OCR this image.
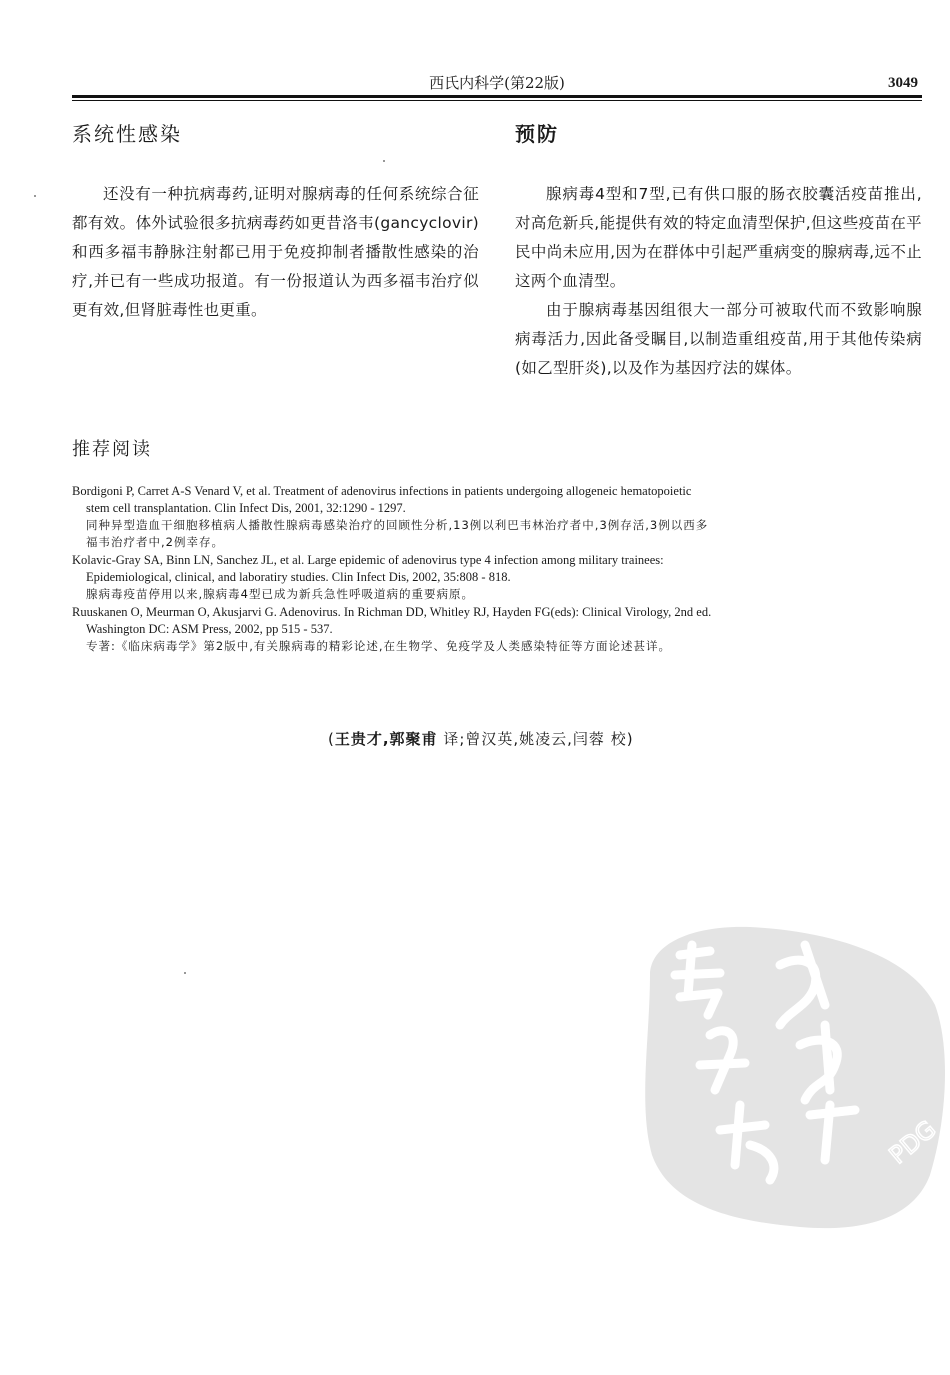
西氏内科学(第22版)	3049
系统性感染	预防

还没有一种抗病毒药,证明对腺病毒的任何系统综合征都有效。体外试验很多抗病毒药如更昔洛韦(gancyclovir)和西多福韦静脉注射都已用于免疫抑制者播散性感染的治疗,并已有一些成功报道。有一份报道认为西多福韦治疗似更有效,但肾脏毒性也更重。

腺病毒4型和7型,已有供口服的肠衣胶囊活疫苗推出,对高危新兵,能提供有效的特定血清型保护,但这些疫苗在平民中尚未应用,因为在群体中引起严重病变的腺病毒,远不止这两个血清型。

由于腺病毒基因组很大一部分可被取代而不致影响腺病毒活力,因此备受瞩目,以制造重组疫苗,用于其他传染病(如乙型肝炎),以及作为基因疗法的媒体。

推荐阅读

Bordigoni P, Carret A-S Venard V, et al. Treatment of adenovirus infections in patients undergoing allogeneic hematopoietic stem cell transplantation. Clin Infect Dis, 2001, 32:1290 - 1297.

同种异型造血干细胞移植病人播散性腺病毒感染治疗的回顾性分析,13例以利巴韦林治疗者中,3例存活,3例以西多福韦治疗者中,2例幸存。

Kolavic-Gray SA, Binn LN, Sanchez JL, et al. Large epidemic of adenovirus type 4 infection among military trainees: Epidemiological, clinical, and laboratiry studies. Clin Infect Dis, 2002, 35:808 - 818.

腺病毒疫苗停用以来,腺病毒4型已成为新兵急性呼吸道病的重要病原。

Ruuskanen O, Meurman O, Akusjarvi G. Adenovirus. In Richman DD, Whitley RJ, Hayden FG(eds): Clinical Virology, 2nd ed. Washington DC: ASM Press, 2002, pp 515 - 537.

专著:《临床病毒学》第2版中,有关腺病毒的精彩论述,在生物学、免疫学及人类感染特征等方面论述甚详。

(王贵才,郭聚甫 译;曾汉英,姚凌云,闫蓉 校)
PDG
